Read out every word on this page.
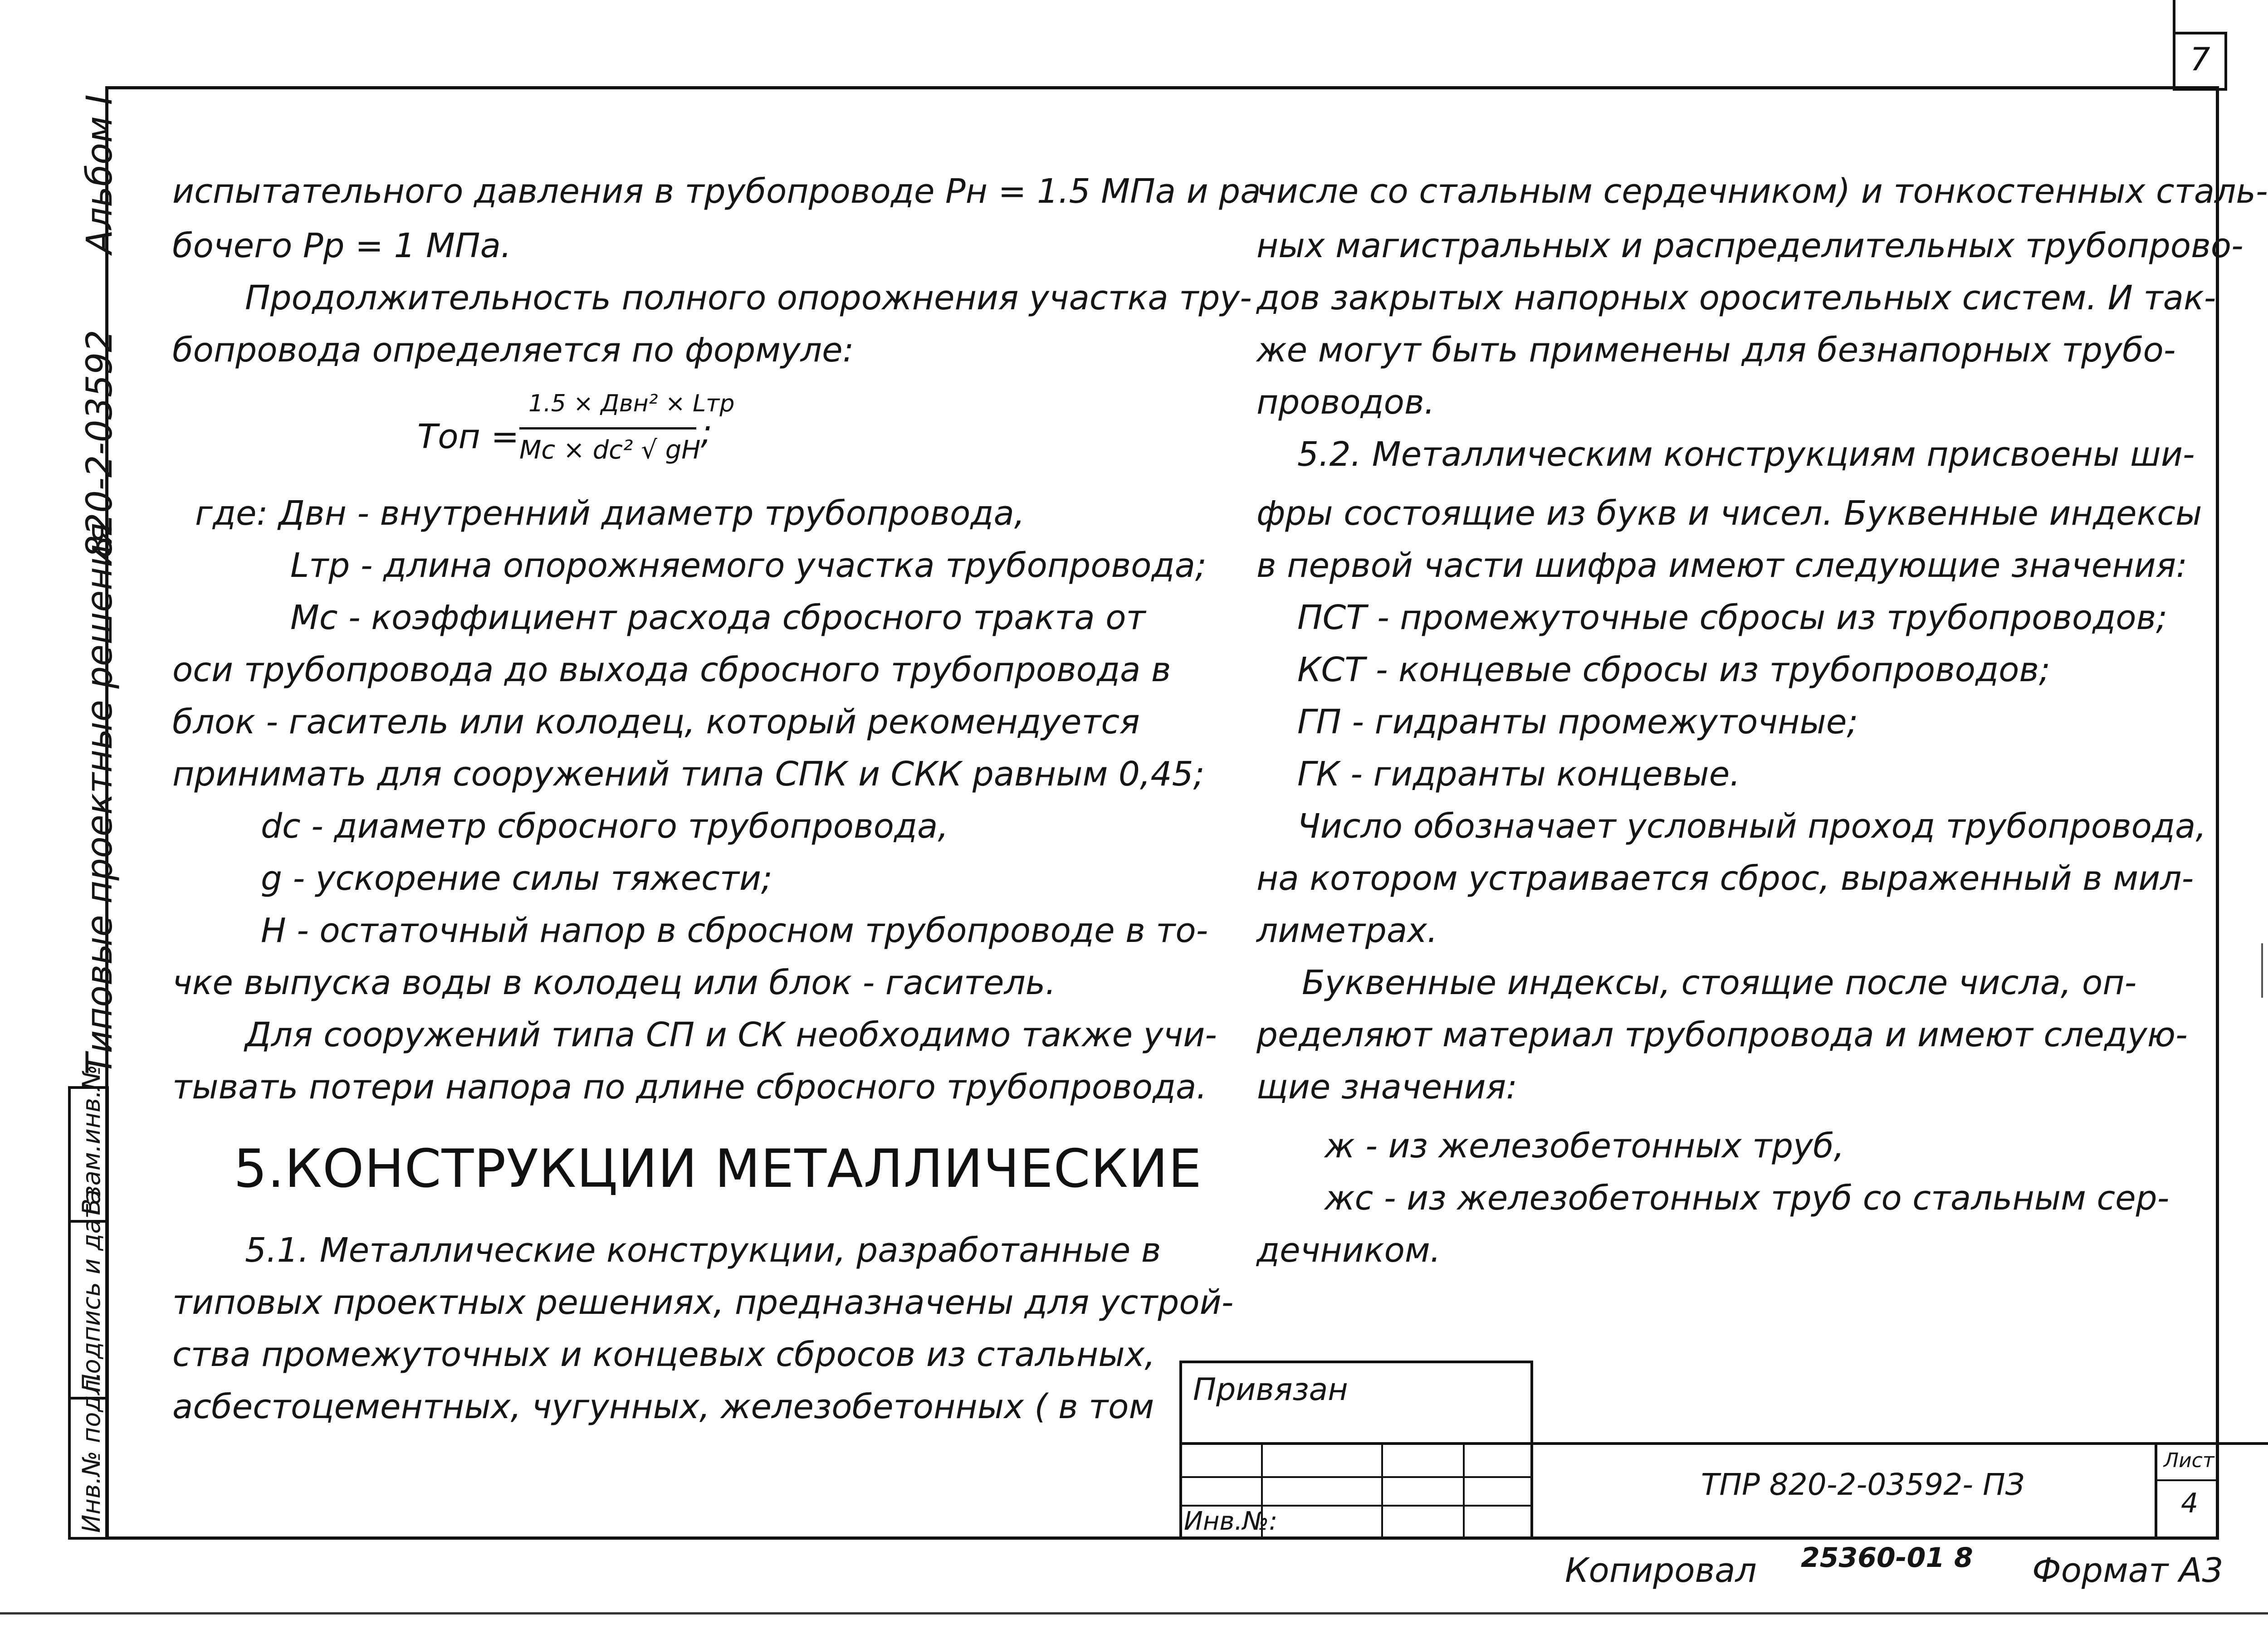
7
Альбом I
820-2-03592
Типовые проектные решения
Взам.инв.№
Подпись и дата
Инв.№ подл.
испытательного давления в трубопроводе Pн = 1.5 МПа и ра-
бочего Pр = 1 МПа.
Продолжительность полного опорожнения участка тру-
бопровода определяется по формуле:
Топ =
1.5 × Двн² × Lтр
Мс × dc² √ gH ;
где: Двн - внутренний диаметр трубопровода,
Lтр - длина опорожняемого участка трубопровода;
Мс - коэффициент расхода сбросного тракта от
оси трубопровода до выхода сбросного трубопровода в
блок - гаситель или колодец, который рекомендуется
принимать для сооружений типа СПК и СКК равным 0,45;
dc - диаметр сбросного трубопровода,
g - ускорение силы тяжести;
H - остаточный напор в сбросном трубопроводе в то-
чке выпуска воды в колодец или блок - гаситель.
Для сооружений типа СП и СК необходимо также учи-
тывать потери напора по длине сбросного трубопровода.
5.КОНСТРУКЦИИ МЕТАЛЛИЧЕСКИЕ
5.1. Металлические конструкции, разработанные в
типовых проектных решениях, предназначены для устрой-
ства промежуточных и концевых сбросов из стальных,
асбестоцементных, чугунных, железобетонных ( в том
числе со стальным сердечником) и тонкостенных сталь-
ных магистральных и распределительных трубопрово-
дов закрытых напорных оросительных систем. И так-
же могут быть применены для безнапорных трубо-
проводов.
5.2. Металлическим конструкциям присвоены ши-
фры состоящие из букв и чисел. Буквенные индексы
в первой части шифра имеют следующие значения:
ПСТ - промежуточные сбросы из трубопроводов;
КСТ - концевые сбросы из трубопроводов;
ГП - гидранты промежуточные;
ГК - гидранты концевые.
Число обозначает условный проход трубопровода,
на котором устраивается сброс, выраженный в мил-
лиметрах.
Буквенные индексы, стоящие после числа, оп-
ределяют материал трубопровода и имеют следую-
щие значения:
ж - из железобетонных труб,
жс - из железобетонных труб со стальным сер-
дечником.
Привязан
Инв.№:
ТПР 820-2-03592- ПЗ
Лист
4
Копировал 25360-01 8 Формат А3
